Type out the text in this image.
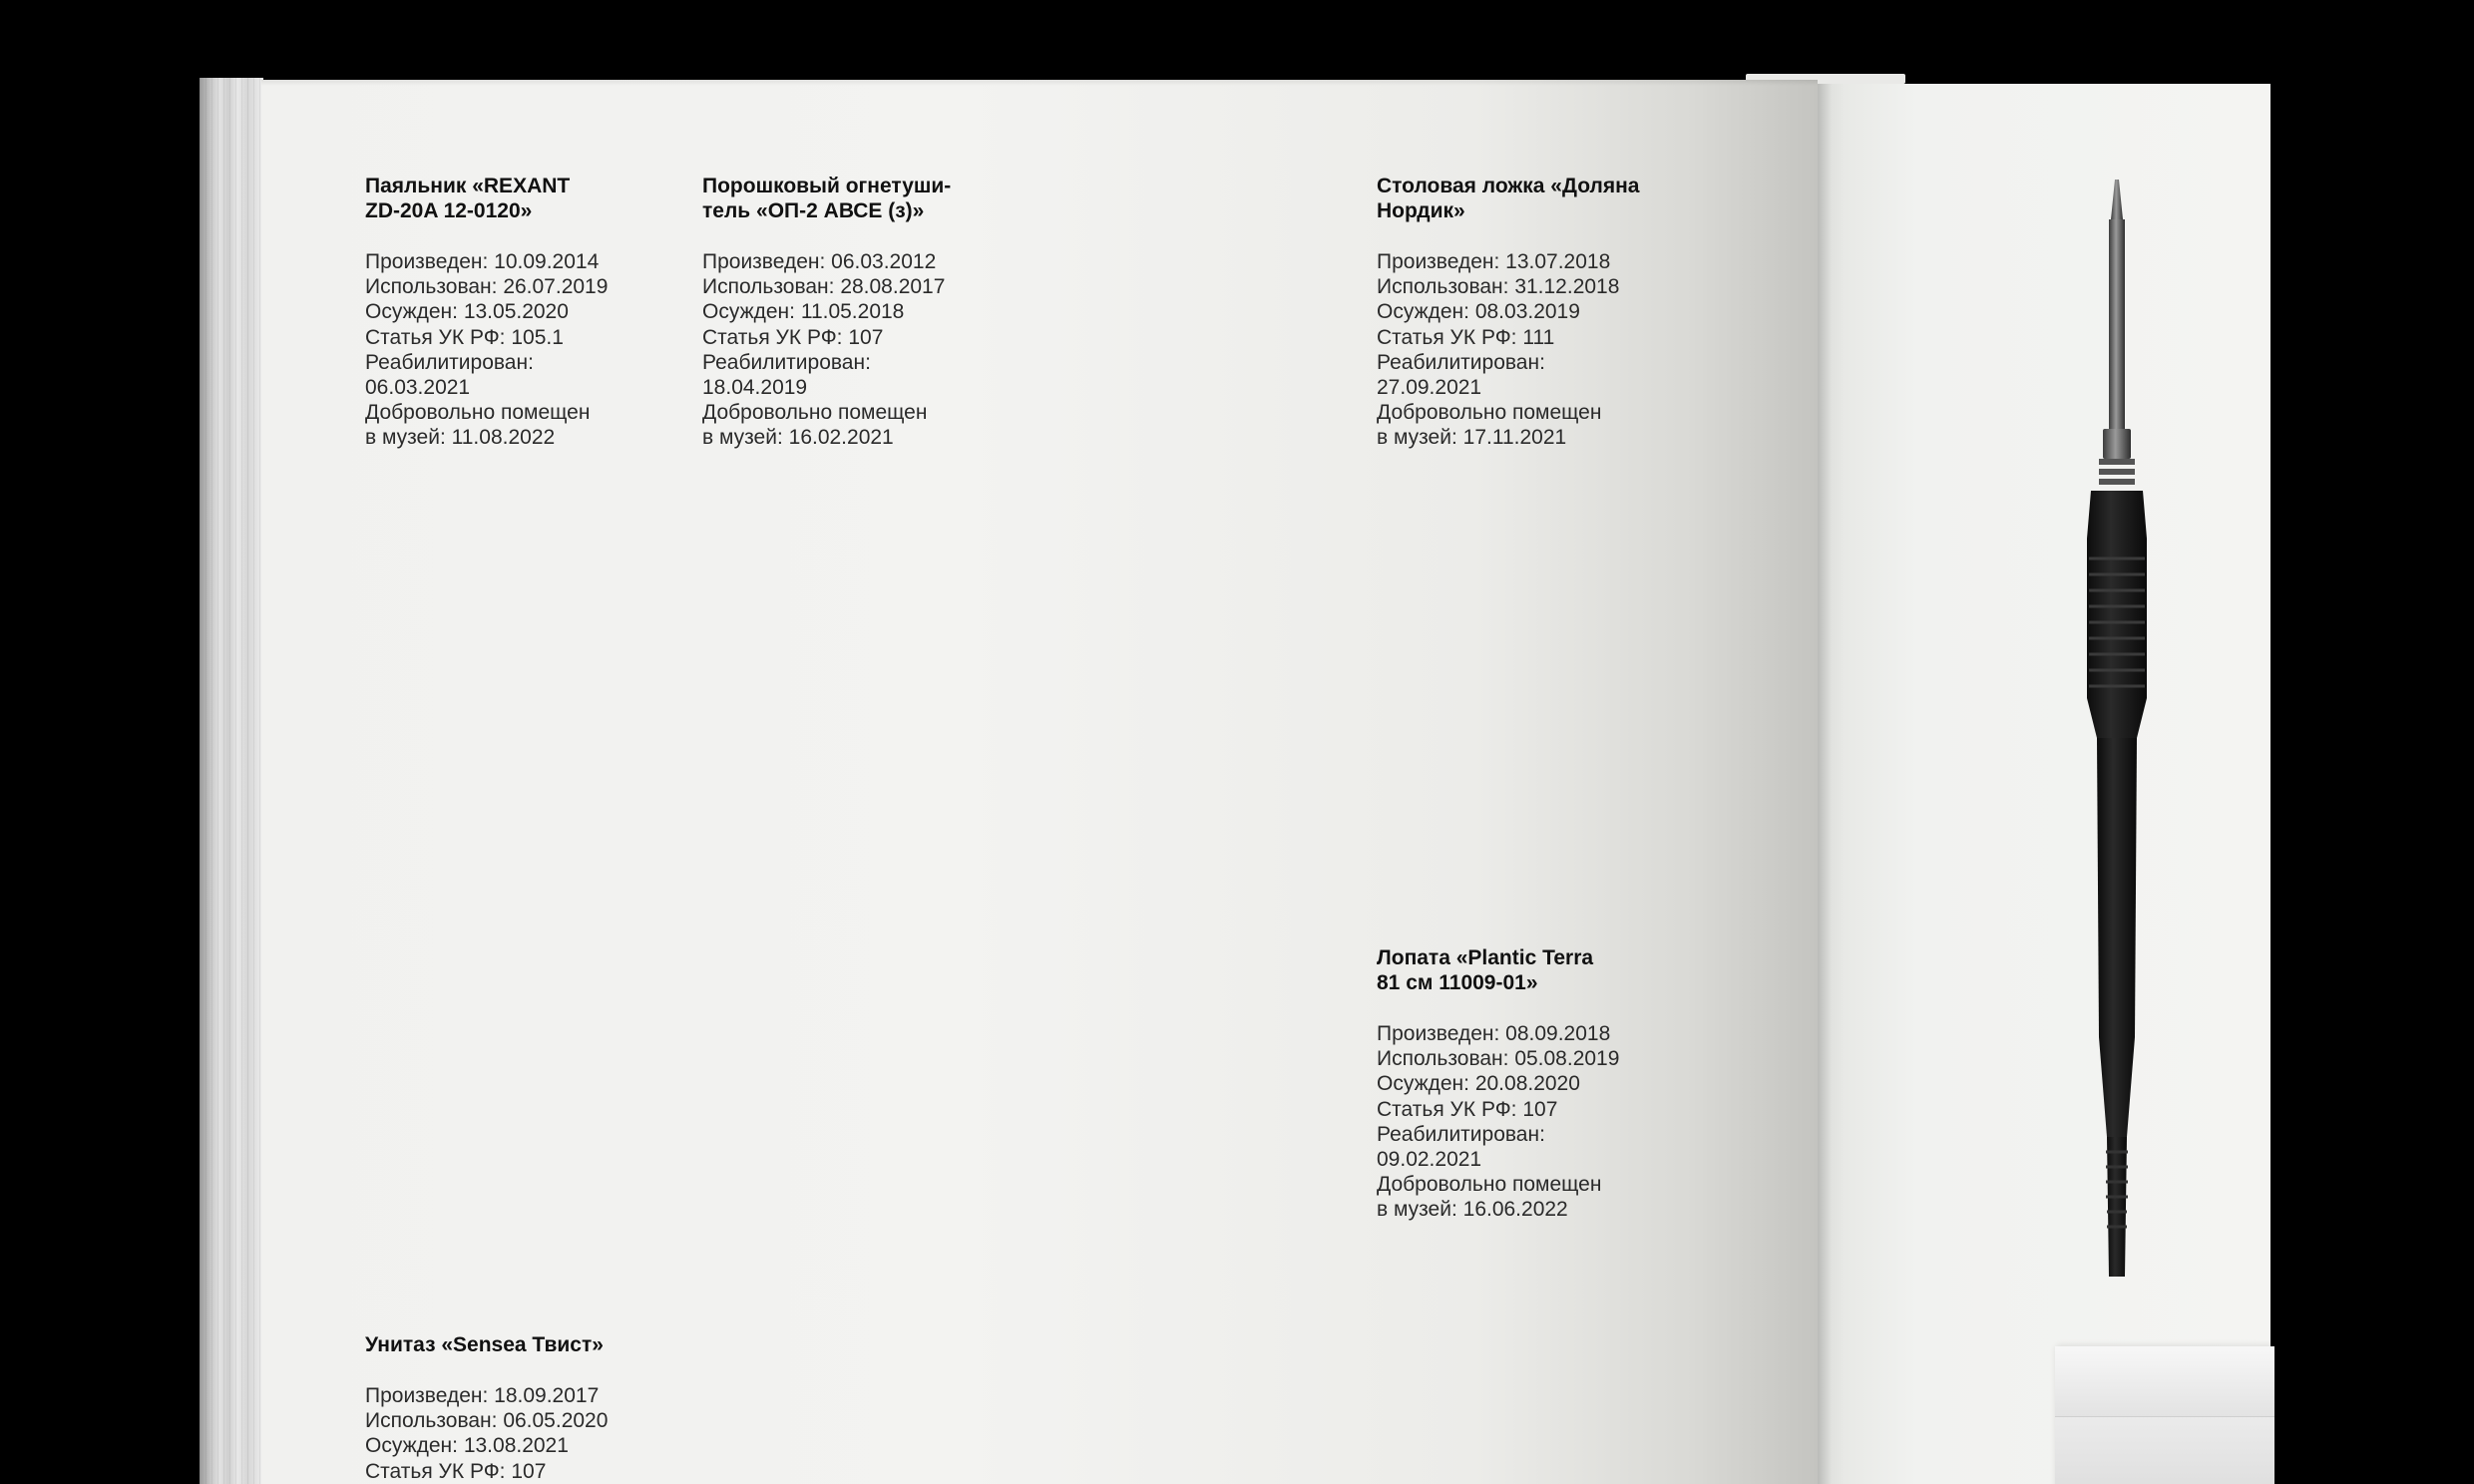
Паяльник «REXANT
ZD-20A 12-0120»
Произведен: 10.09.2014
Использован: 26.07.2019
Осужден: 13.05.2020
Статья УК РФ: 105.1
Реабилитирован:
06.03.2021
Добровольно помещен
в музей: 11.08.2022
Порошковый огнетуши-
тель «ОП-2 АВСЕ (з)»
Произведен: 06.03.2012
Использован: 28.08.2017
Осужден: 11.05.2018
Статья УК РФ: 107
Реабилитирован:
18.04.2019
Добровольно помещен
в музей: 16.02.2021
Столовая ложка «Доляна
Нордик»
Произведен: 13.07.2018
Использован: 31.12.2018
Осужден: 08.03.2019
Статья УК РФ: 111
Реабилитирован:
27.09.2021
Добровольно помещен
в музей: 17.11.2021
Лопата «Plantic Terra
81 см 11009-01»
Произведен: 08.09.2018
Использован: 05.08.2019
Осужден: 20.08.2020
Статья УК РФ: 107
Реабилитирован:
09.02.2021
Добровольно помещен
в музей: 16.06.2022
Унитаз «Sensea Твист»
Произведен: 18.09.2017
Использован: 06.05.2020
Осужден: 13.08.2021
Статья УК РФ: 107
